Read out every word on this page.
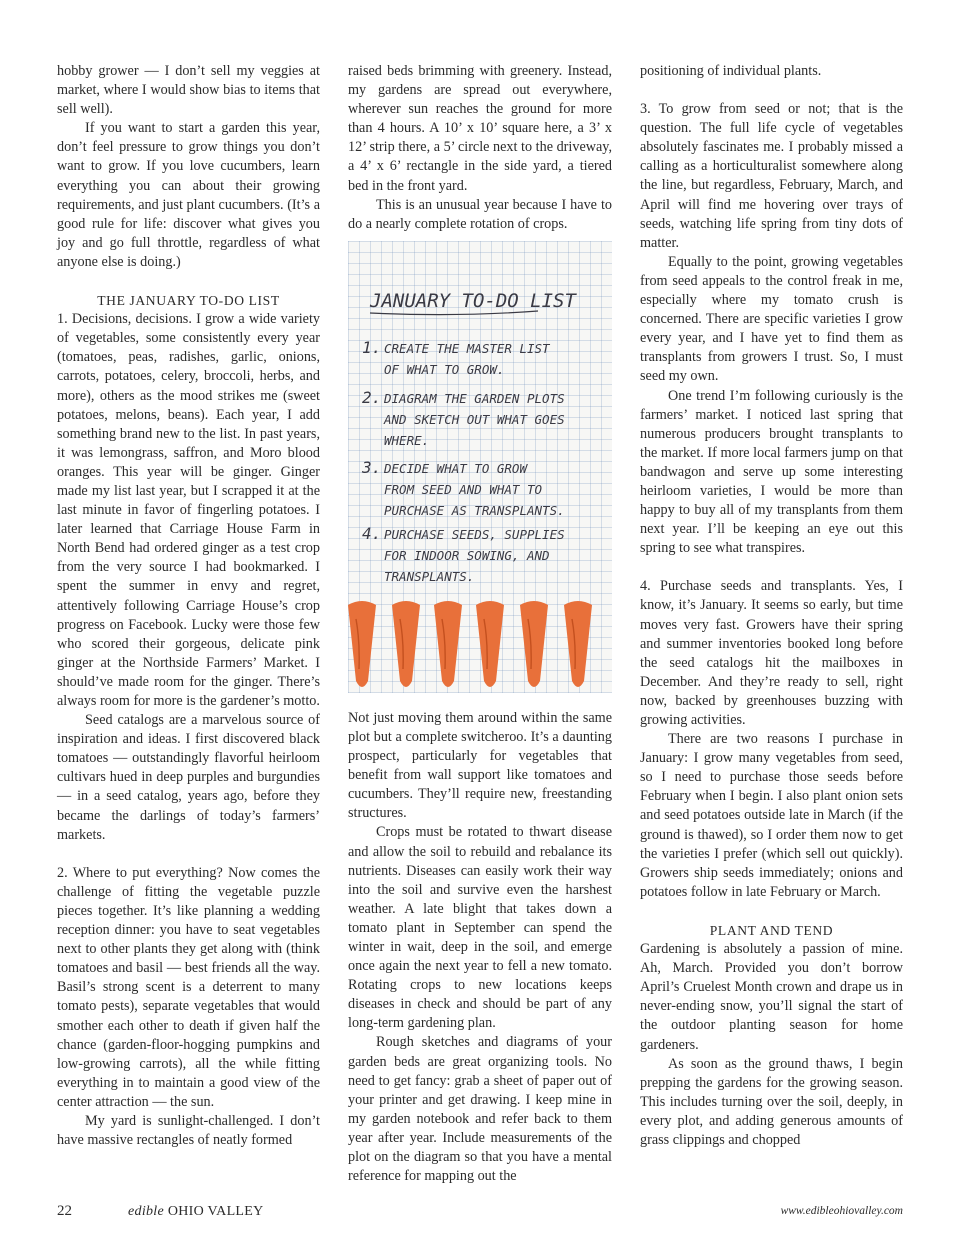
hobby grower — I don’t sell my veggies at market, where I would show bias to items that sell well).

If you want to start a garden this year, don’t feel pressure to grow things you don’t want to grow. If you love cucumbers, learn everything you can about their growing requirements, and just plant cucumbers. (It’s a good rule for life: discover what gives you joy and go full throttle, regardless of what anyone else is doing.)

THE JANUARY TO-DO LIST

1. Decisions, decisions. I grow a wide variety of vegetables, some consistently every year (tomatoes, peas, radishes, garlic, onions, carrots, potatoes, celery, broccoli, herbs, and more), others as the mood strikes me (sweet potatoes, melons, beans). Each year, I add something brand new to the list. In past years, it was lemongrass, saffron, and Moro blood oranges. This year will be ginger. Ginger made my list last year, but I scrapped it at the last minute in favor of fingerling potatoes. I later learned that Carriage House Farm in North Bend had ordered ginger as a test crop from the very source I had bookmarked. I spent the summer in envy and regret, attentively following Carriage House’s crop progress on Facebook. Lucky were those few who scored their gorgeous, delicate pink ginger at the Northside Farmers’ Market. I should’ve made room for the ginger. There’s always room for more is the gardener’s motto.

Seed catalogs are a marvelous source of inspiration and ideas. I first discovered black tomatoes — outstandingly flavorful heirloom cultivars hued in deep purples and burgundies — in a seed catalog, years ago, before they became the darlings of today’s farmers’ markets.

2. Where to put everything? Now comes the challenge of fitting the vegetable puzzle pieces together. It’s like planning a wedding reception dinner: you have to seat vegetables next to other plants they get along with (think tomatoes and basil — best friends all the way. Basil’s strong scent is a deterrent to many tomato pests), separate vegetables that would smother each other to death if given half the chance (garden-floor-hogging pumpkins and low-growing carrots), all the while fitting everything in to maintain a good view of the center attraction — the sun.

My yard is sunlight-challenged. I don’t have massive rectangles of neatly formed

raised beds brimming with greenery. Instead, my gardens are spread out everywhere, wherever sun reaches the ground for more than 4 hours. A 10’ x 10’ square here, a 3’ x 12’ strip there, a 5’ circle next to the driveway, a 4’ x 6’ rectangle in the side yard, a tiered bed in the front yard.

This is an unusual year because I have to do a nearly complete rotation of crops.

JANUARY TO-DO LIST
1. CREATE THE MASTER LIST
OF WHAT TO GROW.
2. DIAGRAM THE GARDEN PLOTS
AND SKETCH OUT WHAT GOES
WHERE.
3. DECIDE WHAT TO GROW
FROM SEED AND WHAT TO
PURCHASE AS TRANSPLANTS.
4. PURCHASE SEEDS, SUPPLIES
FOR INDOOR SOWING, AND
TRANSPLANTS.

Not just moving them around within the same plot but a complete switcheroo. It’s a daunting prospect, particularly for vegetables that benefit from wall support like tomatoes and cucumbers. They’ll require new, freestanding structures.

Crops must be rotated to thwart disease and allow the soil to rebuild and rebalance its nutrients. Diseases can easily work their way into the soil and survive even the harshest weather. A late blight that takes down a tomato plant in September can spend the winter in wait, deep in the soil, and emerge once again the next year to fell a new tomato. Rotating crops to new locations keeps diseases in check and should be part of any long-term gardening plan.

Rough sketches and diagrams of your garden beds are great organizing tools. No need to get fancy: grab a sheet of paper out of your printer and get drawing. I keep mine in my garden notebook and refer back to them year after year. Include measurements of the plot on the diagram so that you have a mental reference for mapping out the

positioning of individual plants.

3. To grow from seed or not; that is the question. The full life cycle of vegetables absolutely fascinates me. I probably missed a calling as a horticulturalist somewhere along the line, but regardless, February, March, and April will find me hovering over trays of seeds, watching life spring from tiny dots of matter.

Equally to the point, growing vegetables from seed appeals to the control freak in me, especially where my tomato crush is concerned. There are specific varieties I grow every year, and I have yet to find them as transplants from growers I trust. So, I must seed my own.

One trend I’m following curiously is the farmers’ market. I noticed last spring that numerous producers brought transplants to the market. If more local farmers jump on that bandwagon and serve up some interesting heirloom varieties, I would be more than happy to buy all of my transplants from them next year. I’ll be keeping an eye out this spring to see what transpires.

4. Purchase seeds and transplants. Yes, I know, it’s January. It seems so early, but time moves very fast. Growers have their spring and summer inventories booked long before the seed catalogs hit the mailboxes in December. And they’re ready to sell, right now, backed by greenhouses buzzing with growing activities.

There are two reasons I purchase in January: I grow many vegetables from seed, so I need to purchase those seeds before February when I begin. I also plant onion sets and seed potatoes outside late in March (if the ground is thawed), so I order them now to get the varieties I prefer (which sell out quickly). Growers ship seeds immediately; onions and potatoes follow in late February or March.

PLANT AND TEND

Gardening is absolutely a passion of mine. Ah, March. Provided you don’t borrow April’s Cruelest Month crown and drape us in never-ending snow, you’ll signal the start of the outdoor planting season for home gardeners.

As soon as the ground thaws, I begin prepping the gardens for the growing season. This includes turning over the soil, deeply, in every plot, and adding generous amounts of grass clippings and chopped

22	edible OHIO VALLEY	www.edibleohiovalley.com
